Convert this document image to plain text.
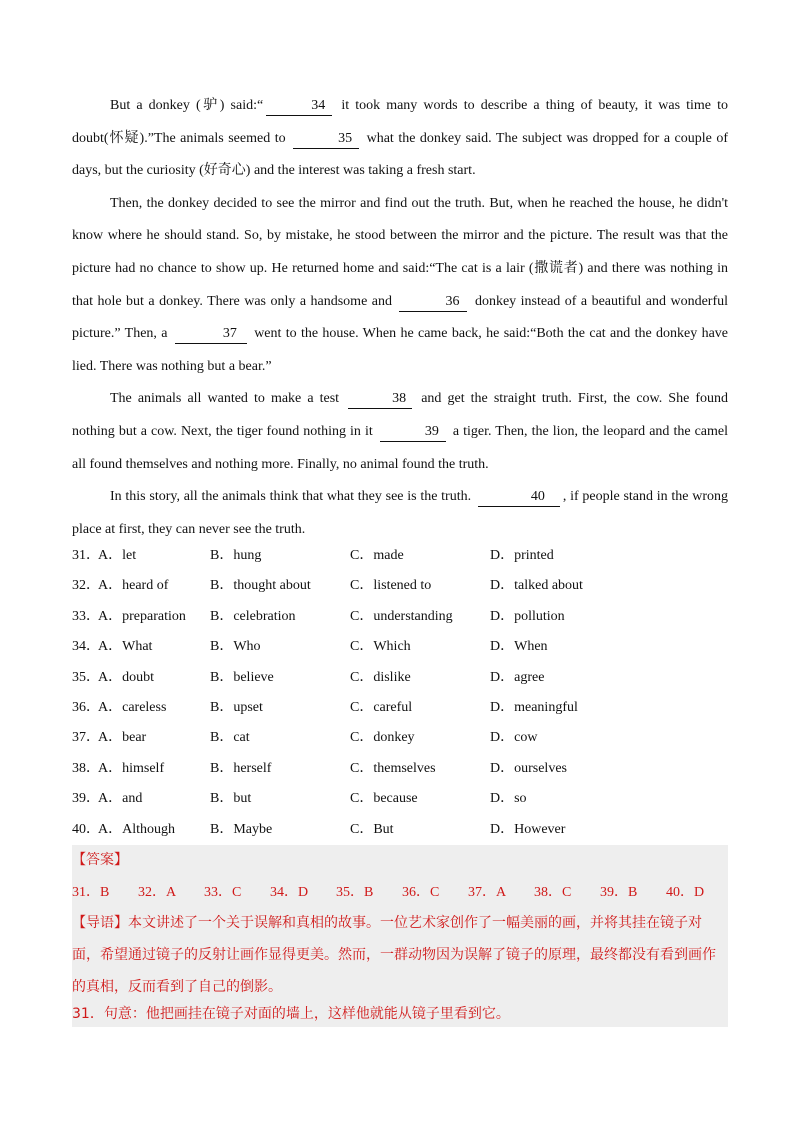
But a donkey (驴) said:“	34 it took many words to describe a thing of beauty, it was time to doubt(怀疑).”The animals seemed to	35 what the donkey said. The subject was dropped for a couple of days, but the curiosity (好奇心) and the interest was taking a fresh start.

Then, the donkey decided to see the mirror and find out the truth. But, when he reached the house, he didn't know where he should stand. So, by mistake, he stood between the mirror and the picture. The result was that the picture had no chance to show up. He returned home and said:“The cat is a lair (撒谎者) and there was nothing in that hole but a donkey. There was only a handsome and	36 donkey instead of a beautiful and wonderful picture.” Then, a	37 went to the house. When he came back, he said:“Both the cat and the donkey have lied. There was nothing but a bear.”

The animals all wanted to make a test	38 and get the straight truth. First, the cow. She found nothing but a cow. Next, the tiger found nothing in it	39 a tiger. Then, the lion, the leopard and the camel all found themselves and nothing more. Finally, no animal found the truth.

In this story, all the animals think that what they see is the truth.	40 , if people stand in the wrong place at first, they can never see the truth.

31．
A．let	B．hung	C．made	D．printed
32．
A．heard of	B．thought about	C．listened to	D．talked about
33．
A．preparation B．celebration	C．understanding	D．pollution
34．
A．What	B．Who	C．Which	D．When
35．
A．doubt	B．believe	C．dislike	D．agree
36．
A．careless	B．upset	C．careful	D．meaningful
37．
A．bear	B．cat	C．donkey	D．cow
38．
A．himself	B．herself	C．themselves	D．ourselves
39．
A．and	B．but	C．because	D．so
40．
A．Although	B．Maybe	C．But	D．However
【答案】
31．B 32．A 33．C 34．D 35．B 36．C 37．A 38．C 39．B 40．D
【导语】本文讲述了一个关于误解和真相的故事。一位艺术家创作了一幅美丽的画，并将其挂在镜子对面，希望通过镜子的反射让画作显得更美。然而，一群动物因为误解了镜子的原理，最终都没有看到画作的真相，反而看到了自己的倒影。
31．句意：他把画挂在镜子对面的墙上，这样他就能从镜子里看到它。
